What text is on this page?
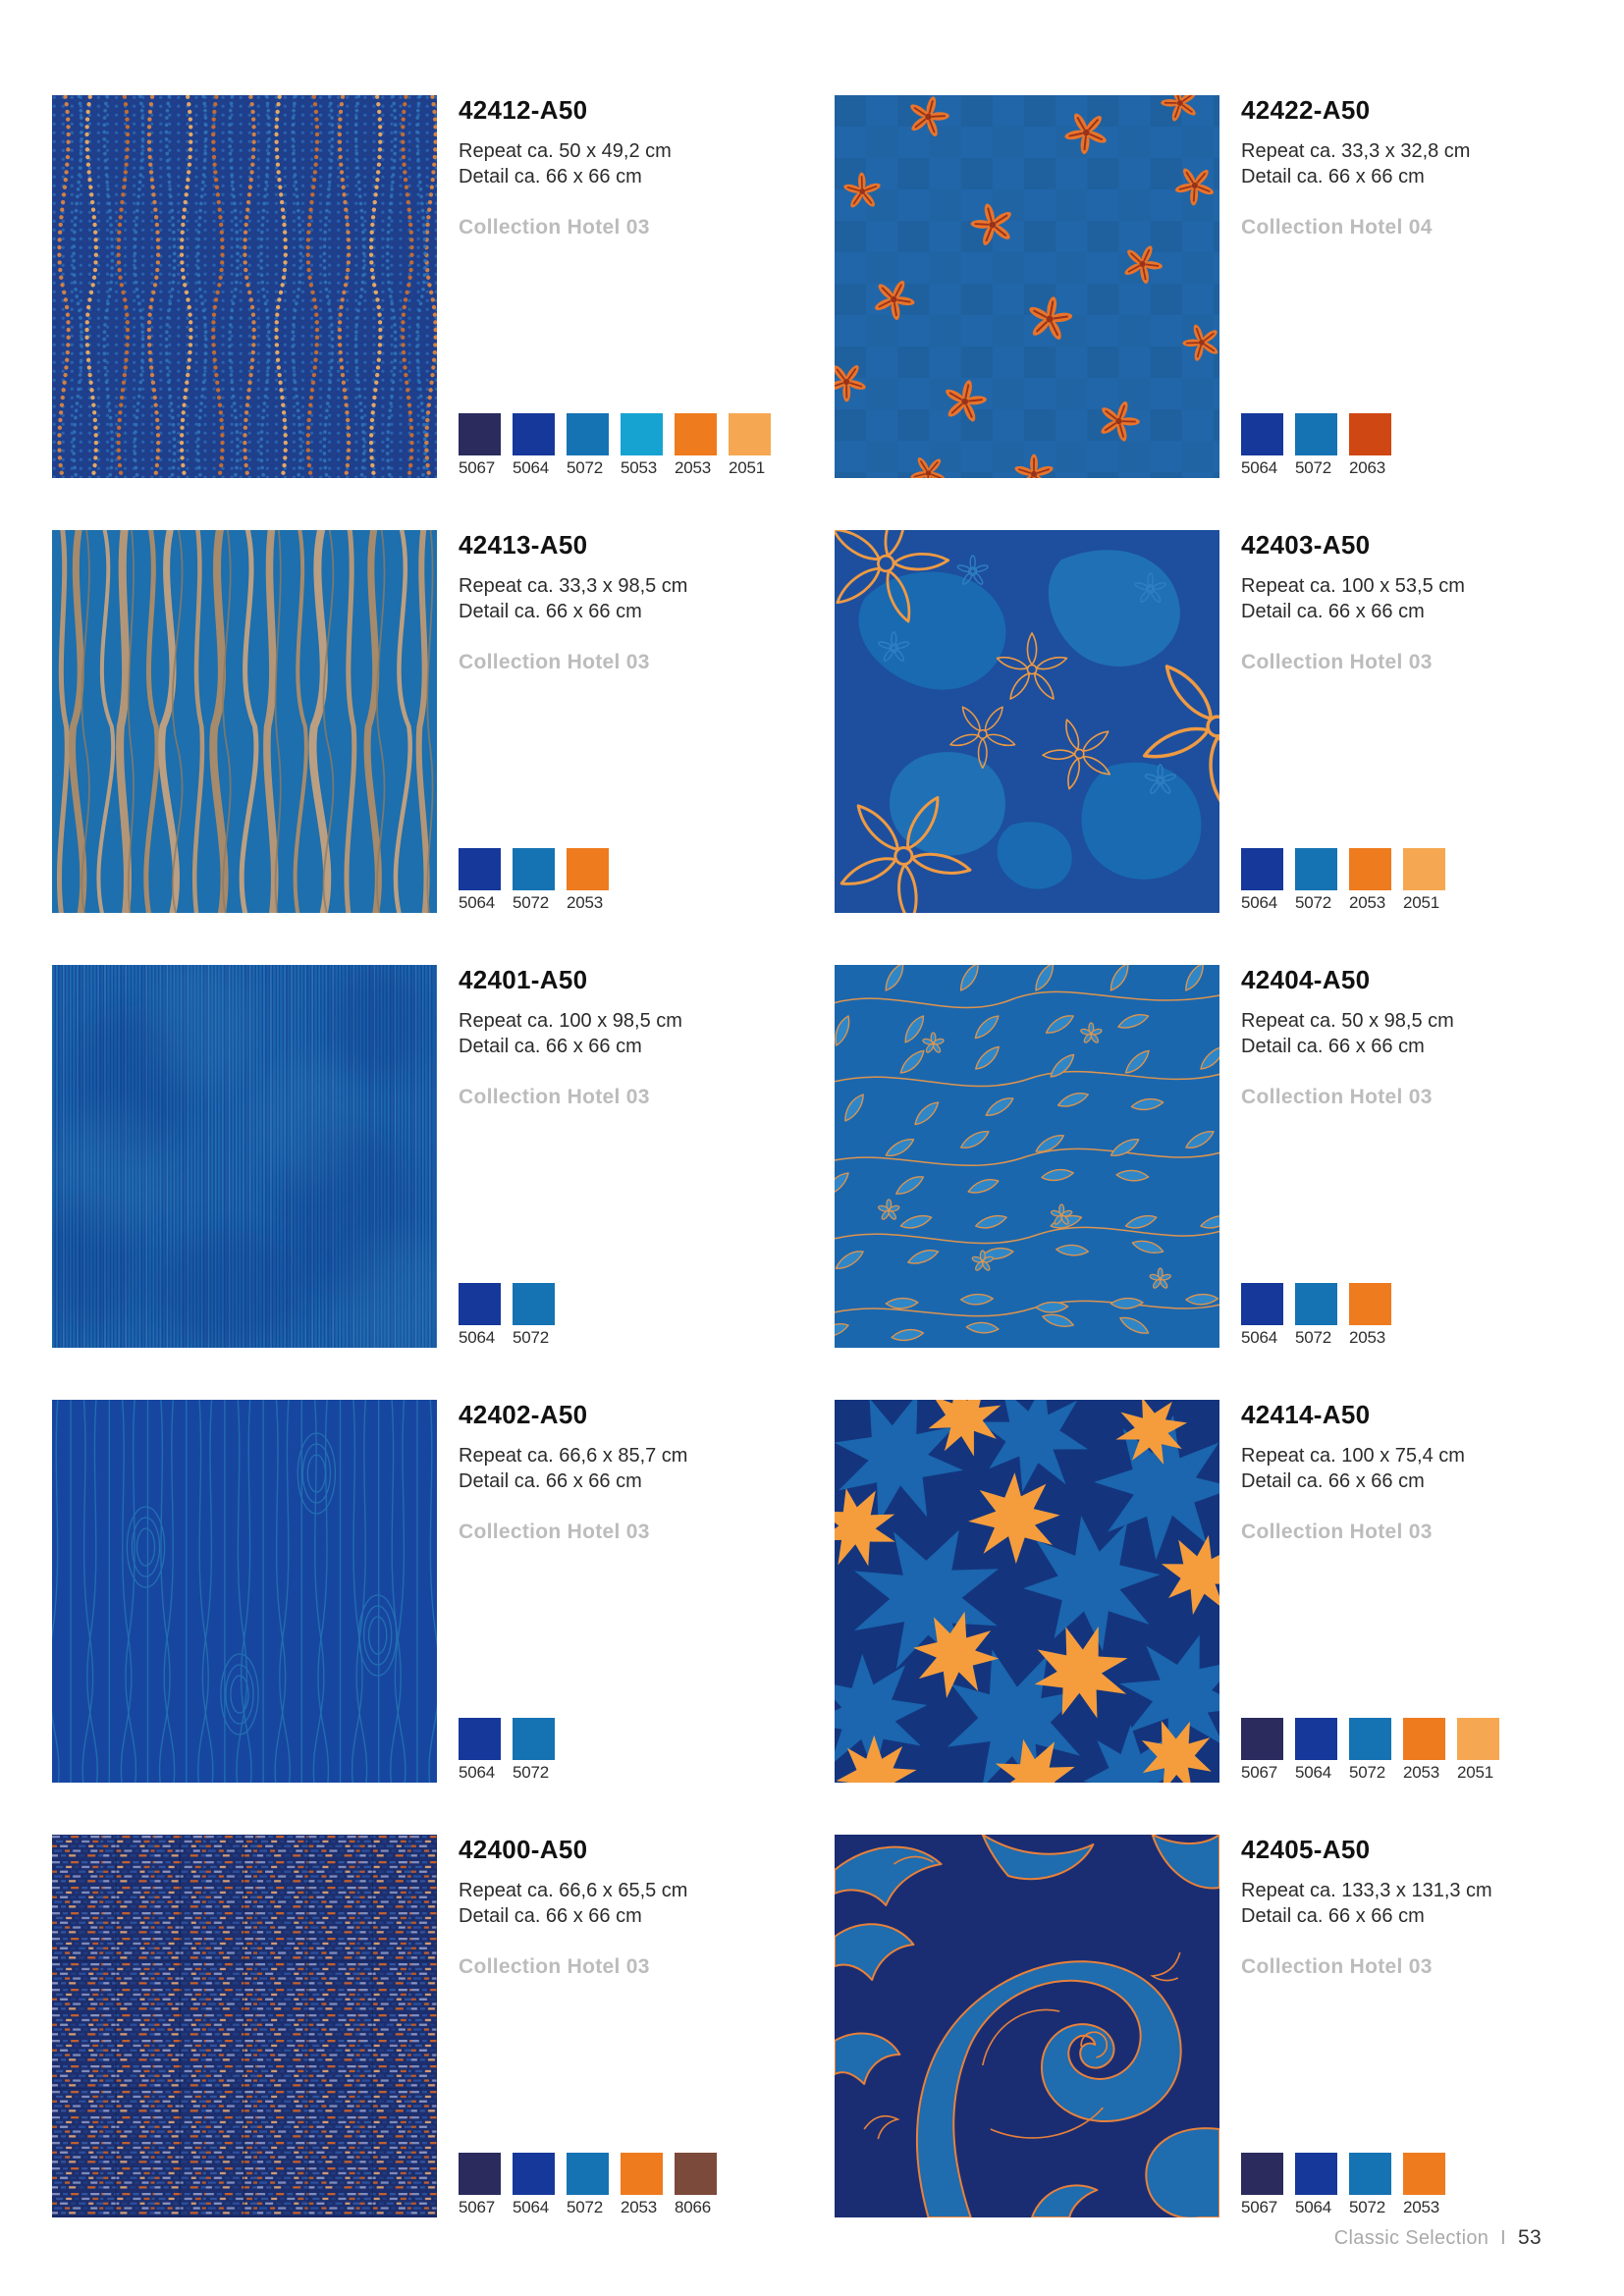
42412-A50

Repeat ca. 50 x 49,2 cm

Detail ca. 66 x 66 cm

Collection Hotel 03

5067	5064	5072	5053	2053	2051
42422-A50

Repeat ca. 33,3 x 32,8 cm

Detail ca. 66 x 66 cm

Collection Hotel 04

5064	5072	2063
42413-A50

Repeat ca. 33,3 x 98,5 cm

Detail ca. 66 x 66 cm

Collection Hotel 03

5064	5072	2053
42403-A50

Repeat ca. 100 x 53,5 cm

Detail ca. 66 x 66 cm

Collection Hotel 03

5064	5072	2053	2051
42401-A50

Repeat ca. 100 x 98,5 cm

Detail ca. 66 x 66 cm

Collection Hotel 03

5064	5072
42404-A50

Repeat ca. 50 x 98,5 cm

Detail ca. 66 x 66 cm

Collection Hotel 03

5064	5072	2053
42402-A50

Repeat ca. 66,6 x 85,7 cm

Detail ca. 66 x 66 cm

Collection Hotel 03

5064	5072
42414-A50

Repeat ca. 100 x 75,4 cm

Detail ca. 66 x 66 cm

Collection Hotel 03

5067	5064	5072	2053	2051
42400-A50

Repeat ca. 66,6 x 65,5 cm

Detail ca. 66 x 66 cm

Collection Hotel 03

5067	5064	5072	2053	8066
42405-A50

Repeat ca. 133,3 x 131,3 cm

Detail ca. 66 x 66 cm

Collection Hotel 03

5067	5064	5072	2053
Classic Selection I 53
